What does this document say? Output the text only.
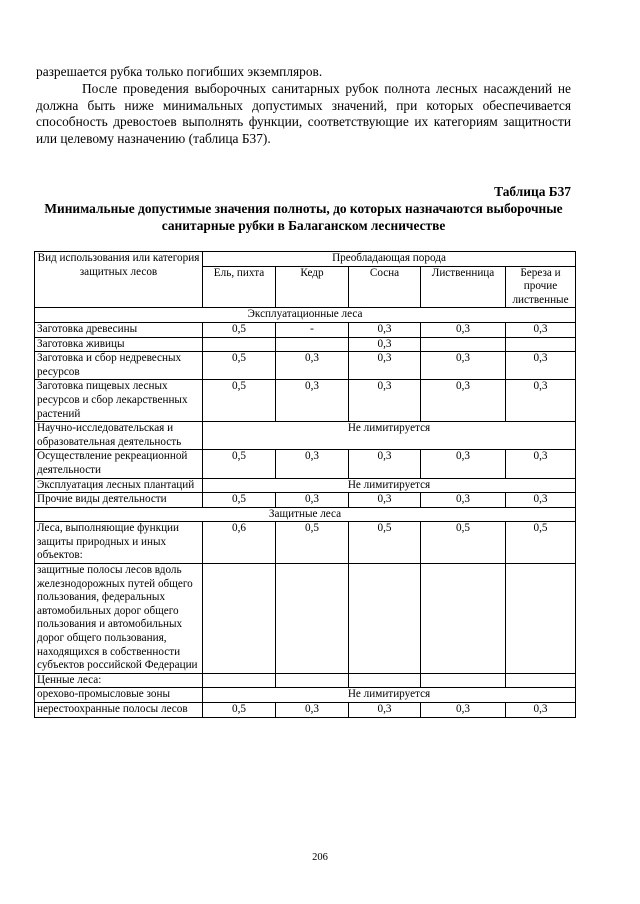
разрешается рубка только погибших экземпляров.

После проведения выборочных санитарных рубок полнота лесных насаждений не должна быть ниже минимальных допустимых значений, при которых обеспечивается способность древостоев выполнять функции, соответствующие их категориям защитности или целевому назначению (таблица Б37).

Таблица Б37
Минимальные допустимые значения полноты, до которых назначаются выборочные санитарные рубки в Балаганском лесничестве
Вид использования или категория защитных лесов	Преобладающая порода				
	Ель, пихта	Кедр	Сосна	Лиственница	Береза и прочие лиственные
Эксплуатационные леса					
Заготовка древесины	0,5	-	0,3	0,3	0,3
Заготовка живицы			0,3		
Заготовка и сбор недревесных ресурсов	0,5	0,3	0,3	0,3	0,3
Заготовка пищевых лесных ресурсов и сбор лекарственных растений	0,5	0,3	0,3	0,3	0,3
Научно-исследовательская и образовательная деятельность	Не лимитируется				
Осуществление рекреационной деятельности	0,5	0,3	0,3	0,3	0,3
Эксплуатация лесных плантаций	Не лимитируется				
Прочие виды деятельности	0,5	0,3	0,3	0,3	0,3
Защитные леса					
Леса, выполняющие функции защиты природных и иных объектов:	0,6	0,5	0,5	0,5	0,5
защитные полосы лесов вдоль железнодорожных путей общего пользования, федеральных автомобильных дорог общего пользования и автомобильных дорог общего пользования, находящихся в собственности субъектов российской Федерации					
Ценные леса:					
орехово-промысловые зоны	Не лимитируется				
нерестоохранные полосы лесов	0,5	0,3	0,3	0,3	0,3
206
